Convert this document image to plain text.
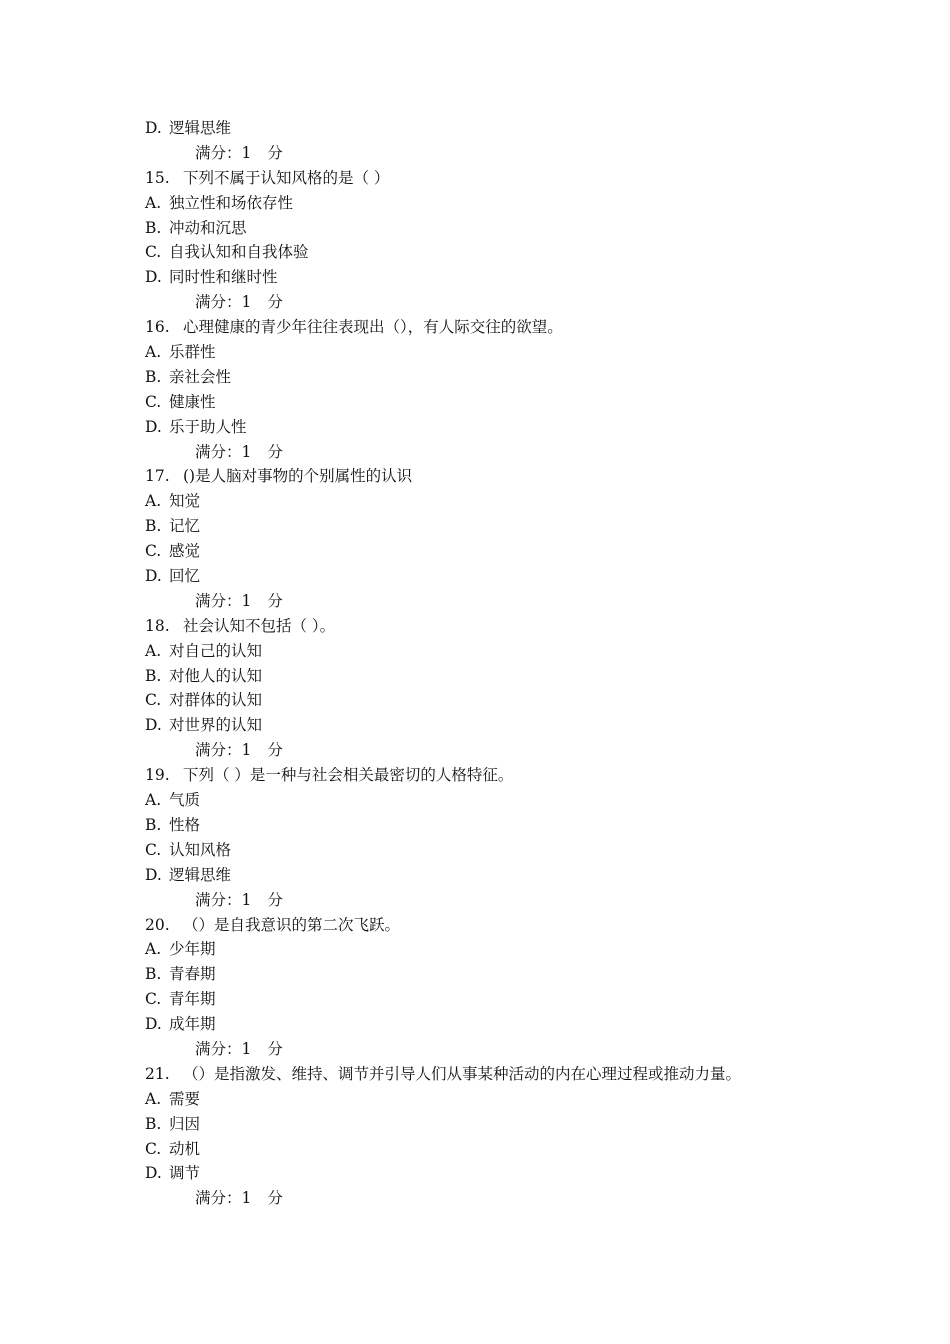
D. 逻辑思维
满分：1 分
15. 下列不属于认知风格的是（ ）
A. 独立性和场依存性
B. 冲动和沉思
C. 自我认知和自我体验
D. 同时性和继时性
满分：1 分
16. 心理健康的青少年往往表现出（），有人际交往的欲望。
A. 乐群性
B. 亲社会性
C. 健康性
D. 乐于助人性
满分：1 分
17. ()是人脑对事物的个别属性的认识
A. 知觉
B. 记忆
C. 感觉
D. 回忆
满分：1 分
18. 社会认知不包括（ ）。
A. 对自己的认知
B. 对他人的认知
C. 对群体的认知
D. 对世界的认知
满分：1 分
19. 下列（ ）是一种与社会相关最密切的人格特征。
A. 气质
B. 性格
C. 认知风格
D. 逻辑思维
满分：1 分
20. （）是自我意识的第二次飞跃。
A. 少年期
B. 青春期
C. 青年期
D. 成年期
满分：1 分
21. （）是指激发、维持、调节并引导人们从事某种活动的内在心理过程或推动力量。
A. 需要
B. 归因
C. 动机
D. 调节
满分：1 分
